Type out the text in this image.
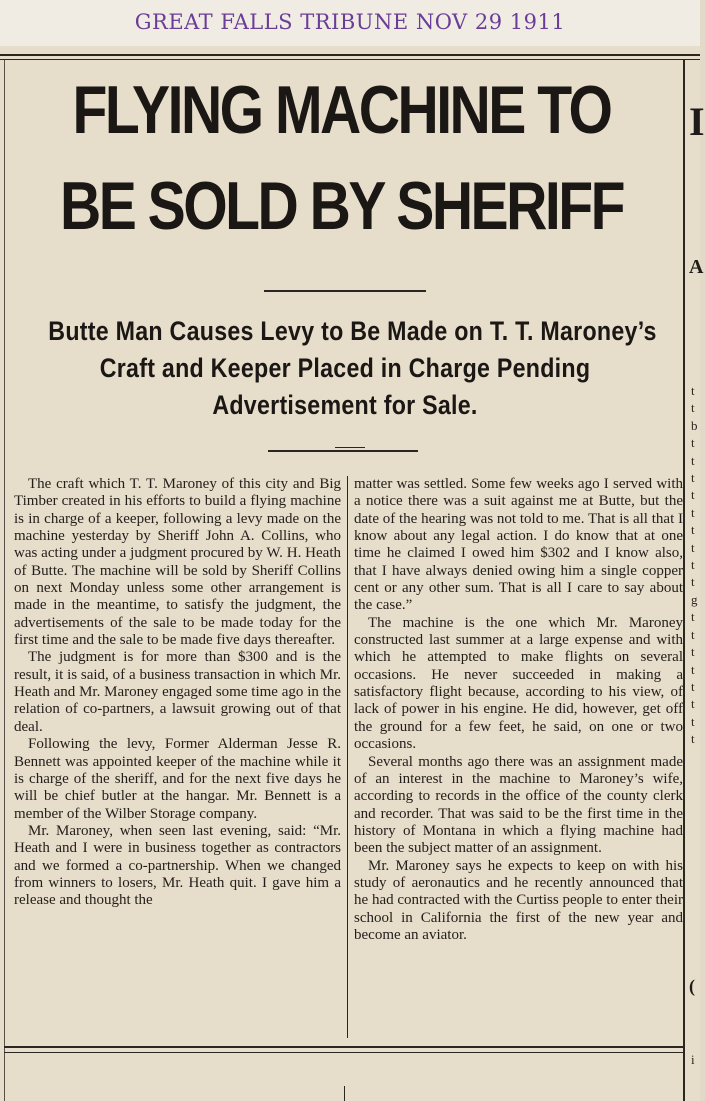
GREAT FALLS TRIBUNE NOV 29 1911
I
A
t
t
b
t
t
t
t
t
t
t
t
t
g
t
t
t
t
t
t
t
t
(
i
FLYING MACHINE TO
BE SOLD BY SHERIFF
Butte Man Causes Levy to Be Made on T. T. Maroney’s
Craft and Keeper Placed in Charge Pending
Advertisement for Sale.

The craft which T. T. Maroney of this city and Big Timber created in his efforts to build a flying machine is in charge of a keeper, following a levy made on the machine yesterday by Sheriff John A. Collins, who was acting under a judgment procured by W. H. Heath of Butte. The machine will be sold by Sheriff Collins on next Monday unless some other arrangement is made in the meantime, to satisfy the judgment, the advertisements of the sale to be made today for the first time and the sale to be made five days thereafter.

The judgment is for more than $300 and is the result, it is said, of a business transaction in which Mr. Heath and Mr. Maroney engaged some time ago in the relation of co-partners, a lawsuit growing out of that deal.

Following the levy, Former Alderman Jesse R. Bennett was appointed keeper of the machine while it is charge of the sheriff, and for the next five days he will be chief butler at the hangar. Mr. Bennett is a member of the Wilber Storage company.

Mr. Maroney, when seen last evening, said: “Mr. Heath and I were in business together as contractors and we formed a co-partnership. When we changed from winners to losers, Mr. Heath quit. I gave him a release and thought the

matter was settled. Some few weeks ago I served with a notice there was a suit against me at Butte, but the date of the hearing was not told to me. That is all that I know about any legal action. I do know that at one time he claimed I owed him $302 and I know also, that I have always denied owing him a single copper cent or any other sum. That is all I care to say about the case.”

The machine is the one which Mr. Maroney constructed last summer at a large expense and with which he attempted to make flights on several occasions. He never succeeded in making a satisfactory flight because, according to his view, of lack of power in his engine. He did, however, get off the ground for a few feet, he said, on one or two occasions.

Several months ago there was an assignment made of an interest in the machine to Maroney’s wife, according to records in the office of the county clerk and recorder. That was said to be the first time in the history of Montana in which a flying machine had been the subject matter of an assignment.

Mr. Maroney says he expects to keep on with his study of aeronautics and he recently announced that he had contracted with the Curtiss people to enter their school in California the first of the new year and become an aviator.
